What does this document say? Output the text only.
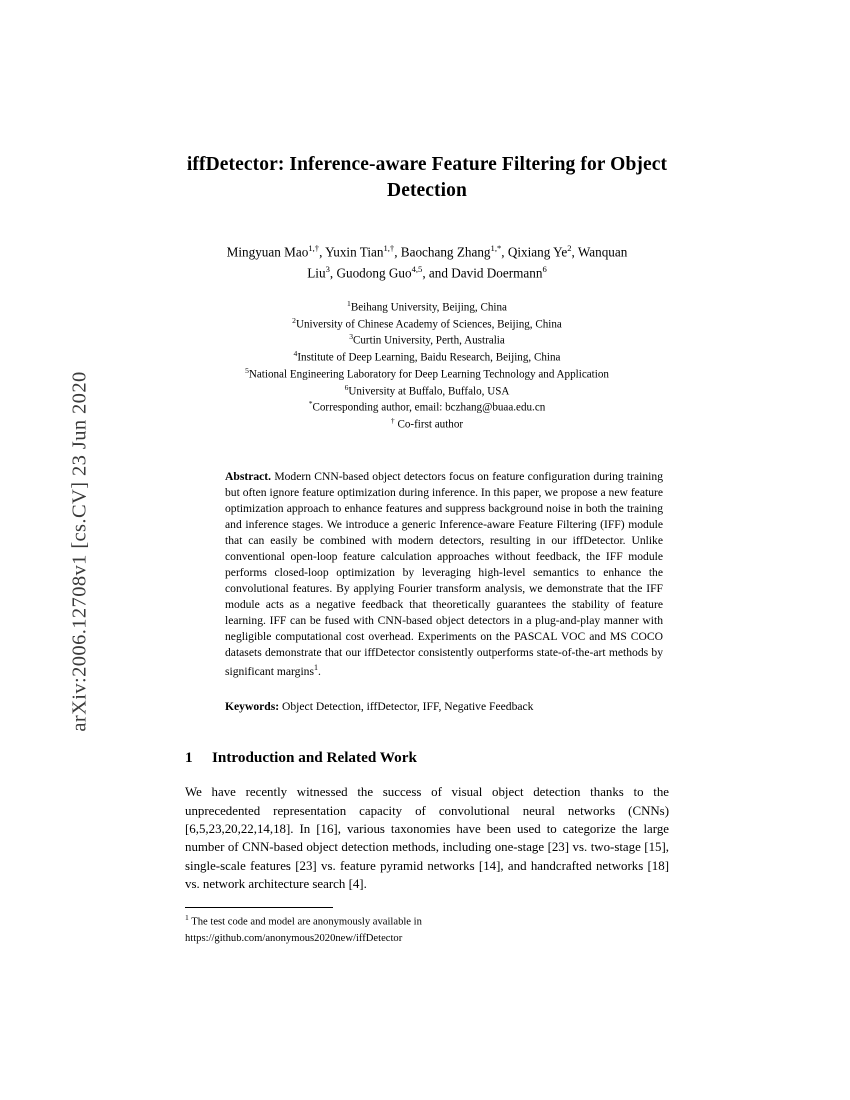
arXiv:2006.12708v1 [cs.CV] 23 Jun 2020
iffDetector: Inference-aware Feature Filtering for Object Detection
Mingyuan Mao$^{1,\dagger}$, Yuxin Tian$^{1,\dagger}$, Baochang Zhang$^{1,*}$, Qixiang Ye$^2$, Wanquan
Liu$^3$, Guodong Guo$^{4,5}$, and David Doermann$^6$
$^1$Beihang University, Beijing, China
$^2$University of Chinese Academy of Sciences, Beijing, China
$^3$Curtin University, Perth, Australia
$^4$Institute of Deep Learning, Baidu Research, Beijing, China
$^5$National Engineering Laboratory for Deep Learning Technology and Application
$^6$University at Buffalo, Buffalo, USA
*Corresponding author, email: bczhang@buaa.edu.cn
† Co-first author
Abstract. Modern CNN-based object detectors focus on feature configuration during training but often ignore feature optimization during inference. In this paper, we propose a new feature optimization approach to enhance features and suppress background noise in both the training and inference stages. We introduce a generic Inference-aware Feature Filtering (IFF) module that can easily be combined with modern detectors, resulting in our iffDetector. Unlike conventional open-loop feature calculation approaches without feedback, the IFF module performs closed-loop optimization by leveraging high-level semantics to enhance the convolutional features. By applying Fourier transform analysis, we demonstrate that the IFF module acts as a negative feedback that theoretically guarantees the stability of feature learning. IFF can be fused with CNN-based object detectors in a plug-and-play manner with negligible computational cost overhead. Experiments on the PASCAL VOC and MS COCO datasets demonstrate that our iffDetector consistently outperforms state-of-the-art methods by significant margins$^1$.
Keywords: Object Detection, iffDetector, IFF, Negative Feedback
1 Introduction and Related Work
We have recently witnessed the success of visual object detection thanks to the unprecedented representation capacity of convolutional neural networks (CNNs) [6,5,23,20,22,14,18]. In [16], various taxonomies have been used to categorize the large number of CNN-based object detection methods, including one-stage [23] vs. two-stage [15], single-scale features [23] vs. feature pyramid networks [14], and handcrafted networks [18] vs. network architecture search [4].
$^1$ The test code and model are anonymously available in
https://github.com/anonymous2020new/iffDetector
